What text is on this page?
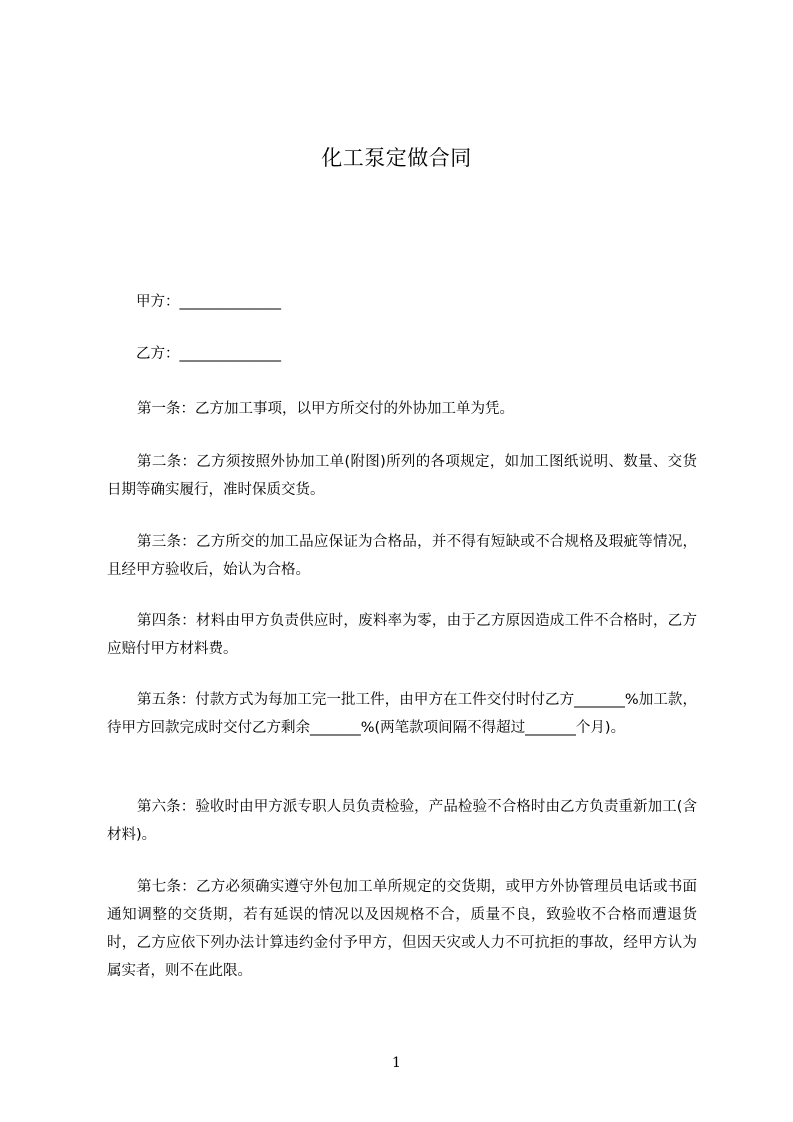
化工泵定做合同
甲方：______________
乙方：______________
第一条：乙方加工事项，以甲方所交付的外协加工单为凭。
第二条：乙方须按照外协加工单(附图)所列的各项规定，如加工图纸说明、数量、交货日期等确实履行，准时保质交货。
第三条：乙方所交的加工品应保证为合格品，并不得有短缺或不合规格及瑕疵等情况，且经甲方验收后，始认为合格。
第四条：材料由甲方负责供应时，废料率为零，由于乙方原因造成工件不合格时，乙方应赔付甲方材料费。
第五条：付款方式为每加工完一批工件，由甲方在工件交付时付乙方_______%加工款，待甲方回款完成时交付乙方剩余_______%(两笔款项间隔不得超过_______个月)。
第六条：验收时由甲方派专职人员负责检验，产品检验不合格时由乙方负责重新加工(含材料)。
第七条：乙方必须确实遵守外包加工单所规定的交货期，或甲方外协管理员电话或书面通知调整的交货期，若有延误的情况以及因规格不合，质量不良，致验收不合格而遭退货时，乙方应依下列办法计算违约金付予甲方，但因天灾或人力不可抗拒的事故，经甲方认为属实者，则不在此限。
1
